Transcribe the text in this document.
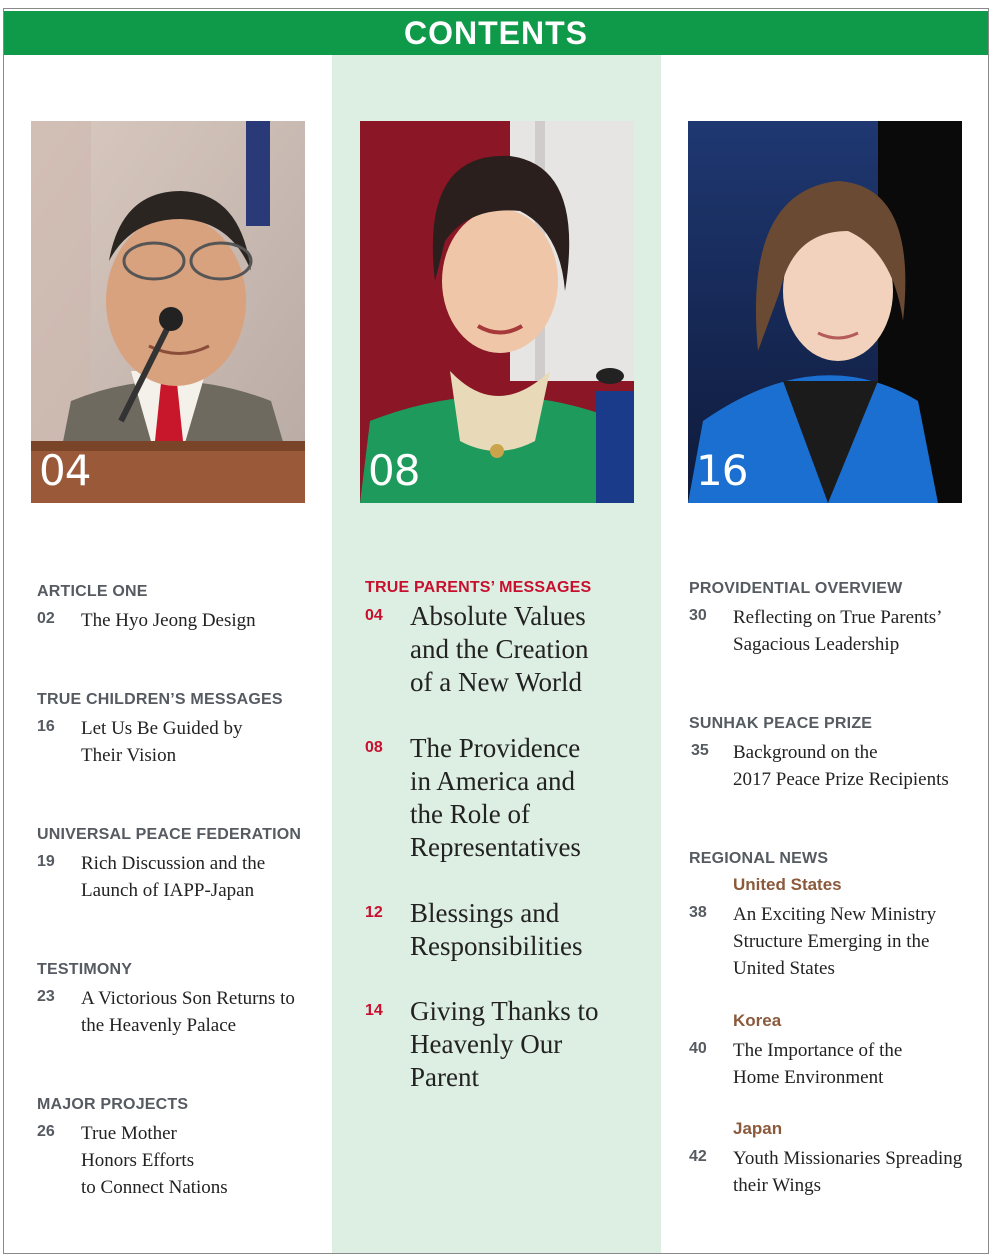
CONTENTS
04	08	16
ARTICLE ONE
02 The Hyo Jeong Design
TRUE CHILDREN’S MESSAGES
16 Let Us Be Guided by
Their Vision
UNIVERSAL PEACE FEDERATION
19 Rich Discussion and the
Launch of IAPP-Japan
TESTIMONY
23 A Victorious Son Returns to
the Heavenly Palace
MAJOR PROJECTS
26 True Mother
Honors Efforts
to Connect Nations
TRUE PARENTS’ MESSAGES
04 Absolute Values
and the Creation
of a New World
08 The Providence
in America and
the Role of
Representatives
12 Blessings and
Responsibilities
14 Giving Thanks to
Heavenly Our
Parent
PROVIDENTIAL OVERVIEW
30 Reflecting on True Parents’
Sagacious Leadership
SUNHAK PEACE PRIZE
35 Background on the
2017 Peace Prize Recipients
REGIONAL NEWS
United States
38 An Exciting New Ministry
Structure Emerging in the
United States
Korea
40 The Importance of the
Home Environment
Japan
42 Youth Missionaries Spreading
their Wings
